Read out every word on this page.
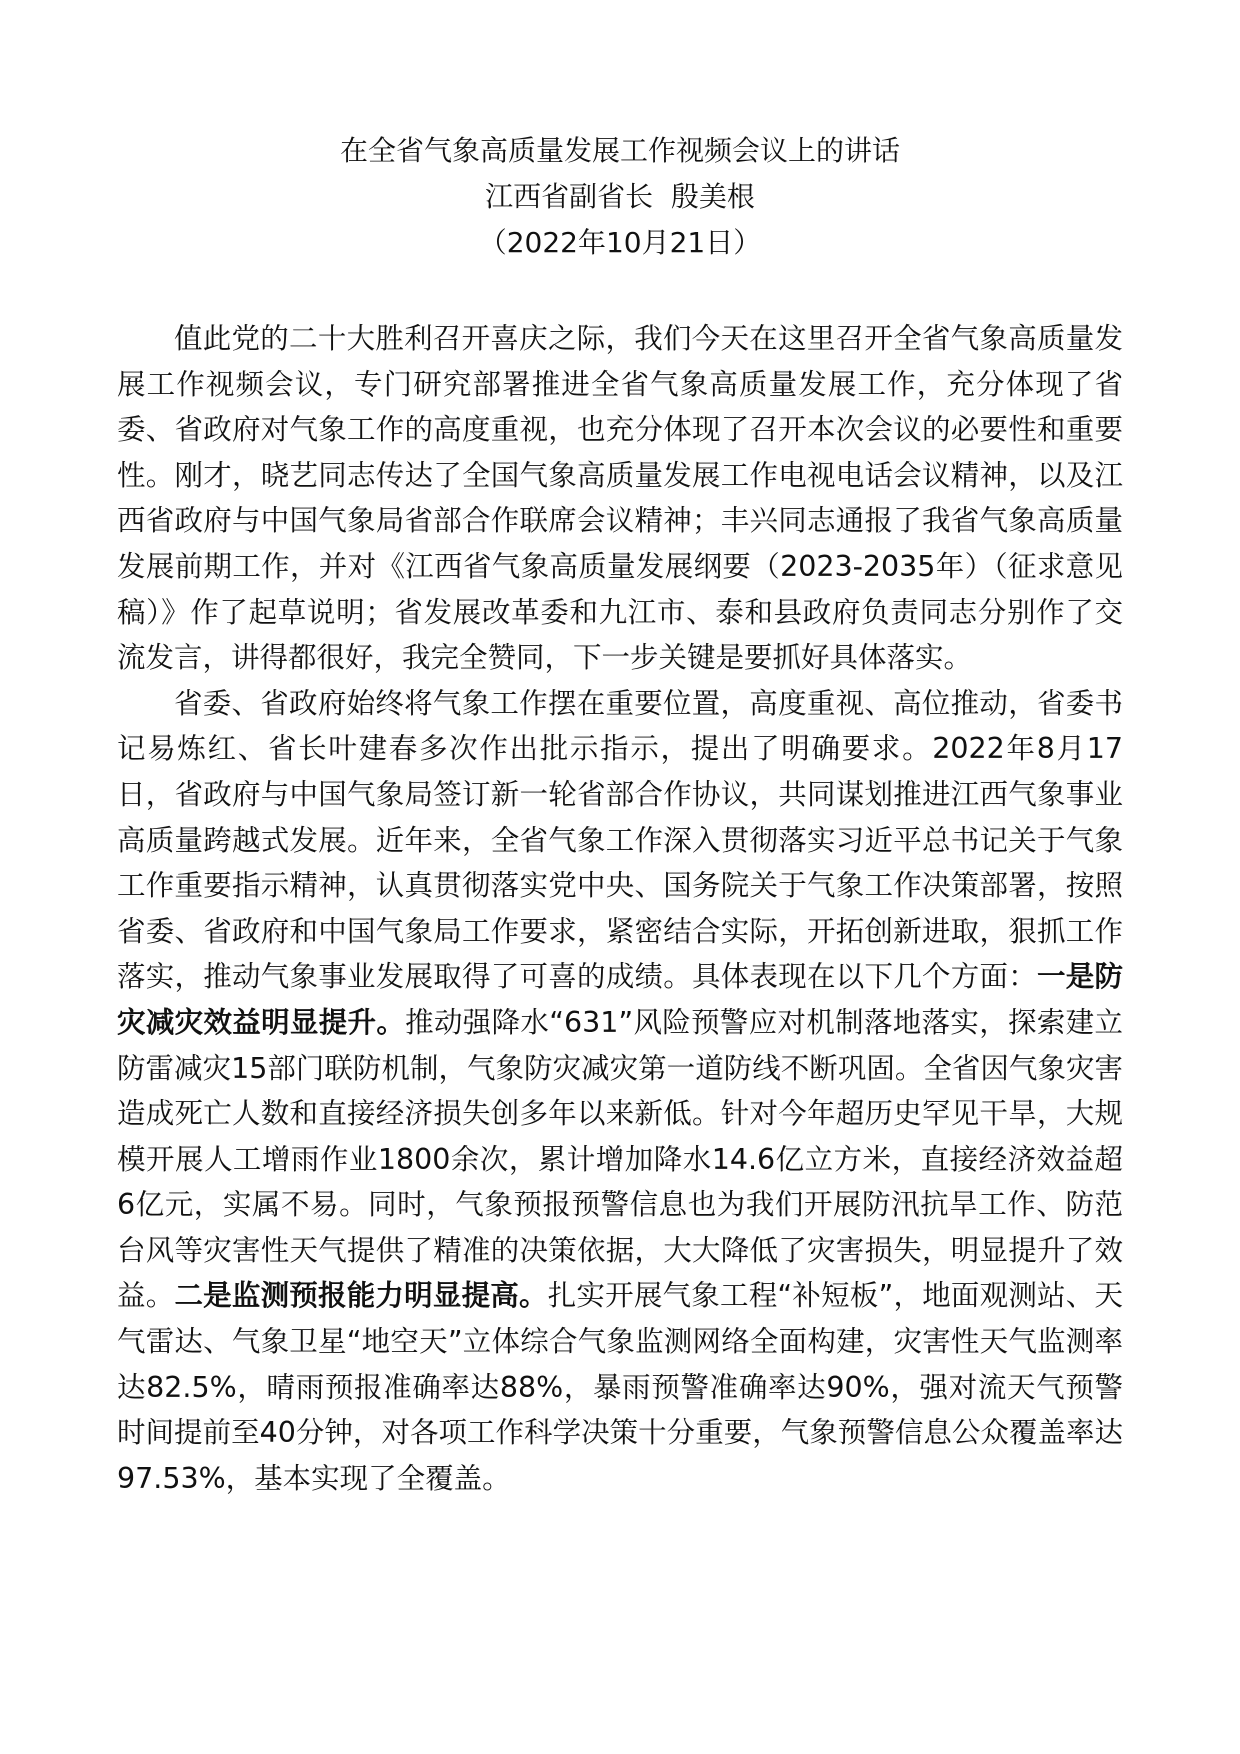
在全省气象高质量发展工作视频会议上的讲话
江西省副省长  殷美根
（2022年10月21日）

值此党的二十大胜利召开喜庆之际，我们今天在这里召开全省气象高质量发展工作视频会议，专门研究部署推进全省气象高质量发展工作，充分体现了省委、省政府对气象工作的高度重视，也充分体现了召开本次会议的必要性和重要性。刚才，晓艺同志传达了全国气象高质量发展工作电视电话会议精神，以及江西省政府与中国气象局省部合作联席会议精神；丰兴同志通报了我省气象高质量发展前期工作，并对《江西省气象高质量发展纲要（2023-2035年）（征求意见稿）》作了起草说明；省发展改革委和九江市、泰和县政府负责同志分别作了交流发言，讲得都很好，我完全赞同，下一步关键是要抓好具体落实。

省委、省政府始终将气象工作摆在重要位置，高度重视、高位推动，省委书记易炼红、省长叶建春多次作出批示指示，提出了明确要求。2022年8月17日，省政府与中国气象局签订新一轮省部合作协议，共同谋划推进江西气象事业高质量跨越式发展。近年来，全省气象工作深入贯彻落实习近平总书记关于气象工作重要指示精神，认真贯彻落实党中央、国务院关于气象工作决策部署，按照省委、省政府和中国气象局工作要求，紧密结合实际，开拓创新进取，狠抓工作落实，推动气象事业发展取得了可喜的成绩。具体表现在以下几个方面：一是防灾减灾效益明显提升。推动强降水“631”风险预警应对机制落地落实，探索建立防雷减灾15部门联防机制，气象防灾减灾第一道防线不断巩固。全省因气象灾害造成死亡人数和直接经济损失创多年以来新低。针对今年超历史罕见干旱，大规模开展人工增雨作业1800余次，累计增加降水14.6亿立方米，直接经济效益超6亿元，实属不易。同时，气象预报预警信息也为我们开展防汛抗旱工作、防范台风等灾害性天气提供了精准的决策依据，大大降低了灾害损失，明显提升了效益。二是监测预报能力明显提高。扎实开展气象工程“补短板”，地面观测站、天气雷达、气象卫星“地空天”立体综合气象监测网络全面构建，灾害性天气监测率达82.5%，晴雨预报准确率达88%，暴雨预警准确率达90%，强对流天气预警时间提前至40分钟，对各项工作科学决策十分重要，气象预警信息公众覆盖率达97.53%，基本实现了全覆盖。
